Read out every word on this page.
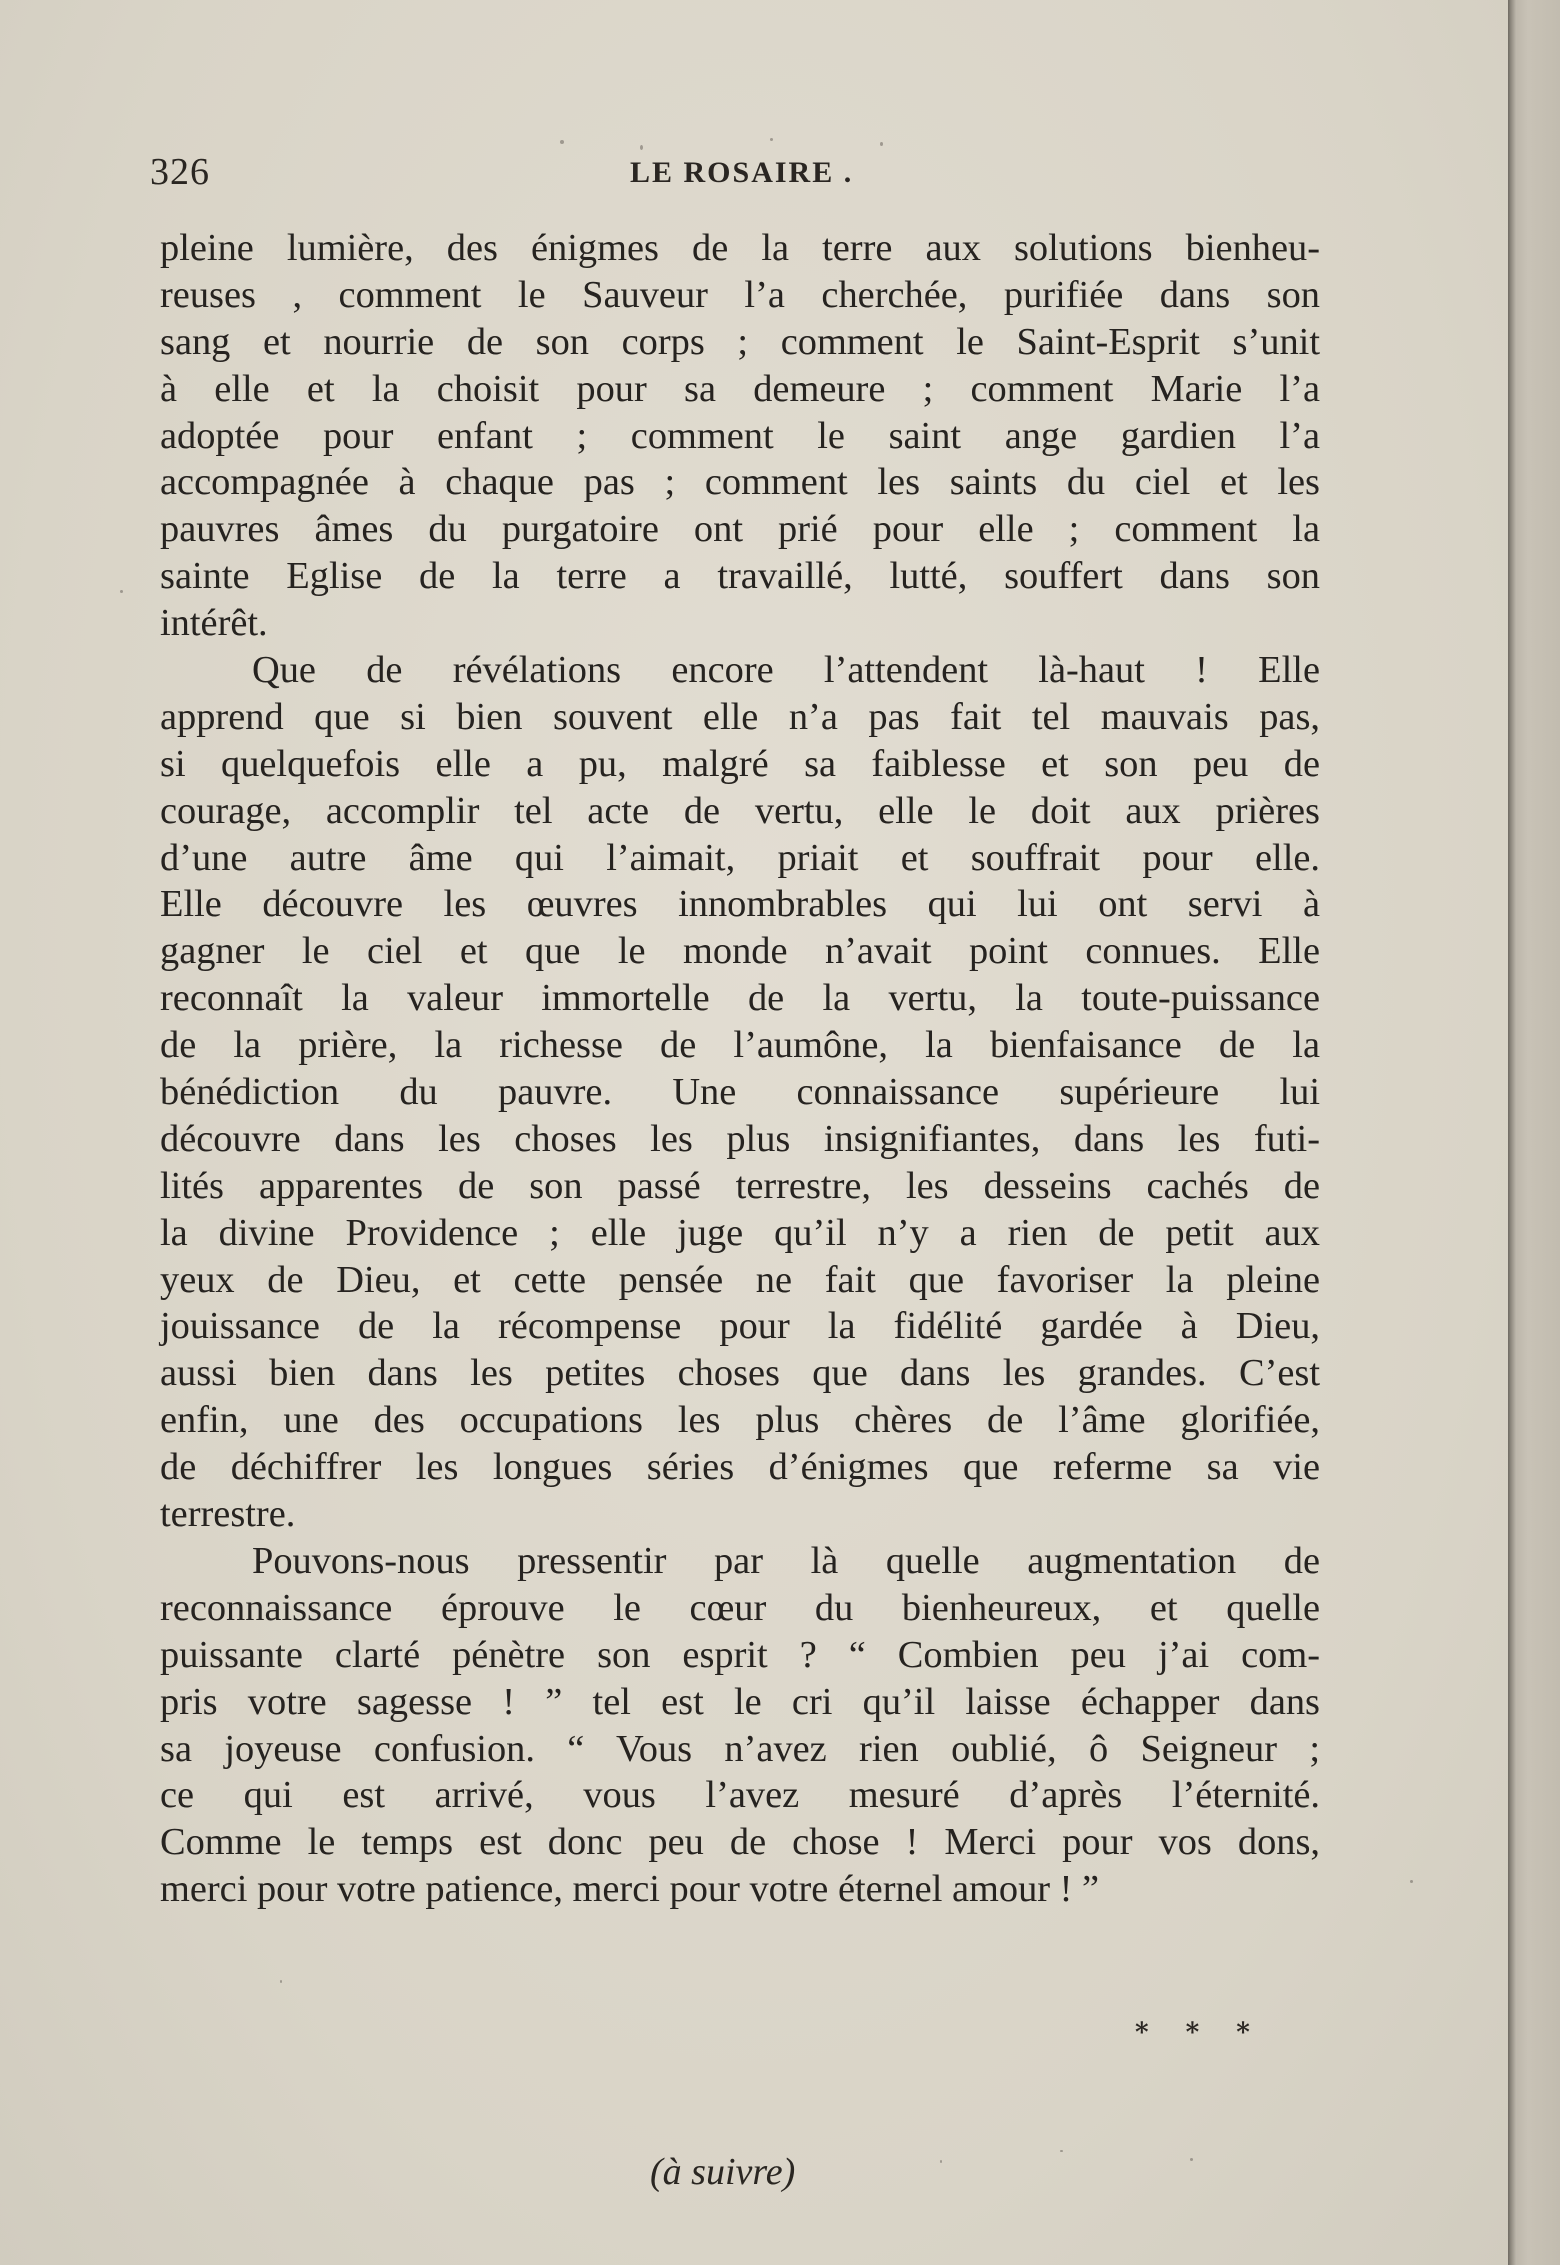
326	LE ROSAIRE .
pleine lumière, des énigmes de la terre aux solutions bienheu-
reuses , comment le Sauveur l’a cherchée, purifiée dans son
sang et nourrie de son corps ; comment le Saint-Esprit s’unit
à elle et la choisit pour sa demeure ; comment Marie l’a
adoptée pour enfant ; comment le saint ange gardien l’a
accompagnée à chaque pas ; comment les saints du ciel et les
pauvres âmes du purgatoire ont prié pour elle ; comment la
sainte Eglise de la terre a travaillé, lutté, souffert dans son
intérêt.
Que de révélations encore l’attendent là-haut ! Elle
apprend que si bien souvent elle n’a pas fait tel mauvais pas,
si quelquefois elle a pu, malgré sa faiblesse et son peu de
courage, accomplir tel acte de vertu, elle le doit aux prières
d’une autre âme qui l’aimait, priait et souffrait pour elle.
Elle découvre les œuvres innombrables qui lui ont servi à
gagner le ciel et que le monde n’avait point connues. Elle
reconnaît la valeur immortelle de la vertu, la toute-puissance
de la prière, la richesse de l’aumône, la bienfaisance de la
bénédiction du pauvre. Une connaissance supérieure lui
découvre dans les choses les plus insignifiantes, dans les futi-
lités apparentes de son passé terrestre, les desseins cachés de
la divine Providence ; elle juge qu’il n’y a rien de petit aux
yeux de Dieu, et cette pensée ne fait que favoriser la pleine
jouissance de la récompense pour la fidélité gardée à Dieu,
aussi bien dans les petites choses que dans les grandes. C’est
enfin, une des occupations les plus chères de l’âme glorifiée,
de déchiffrer les longues séries d’énigmes que referme sa vie
terrestre.
Pouvons-nous pressentir par là quelle augmentation de
reconnaissance éprouve le cœur du bienheureux, et quelle
puissante clarté pénètre son esprit ? “ Combien peu j’ai com-
pris votre sagesse ! ” tel est le cri qu’il laisse échapper dans
sa joyeuse confusion. “ Vous n’avez rien oublié, ô Seigneur ;
ce qui est arrivé, vous l’avez mesuré d’après l’éternité.
Comme le temps est donc peu de chose ! Merci pour vos dons,
merci pour votre patience, merci pour votre éternel amour ! ”
* * *
(à suivre)
